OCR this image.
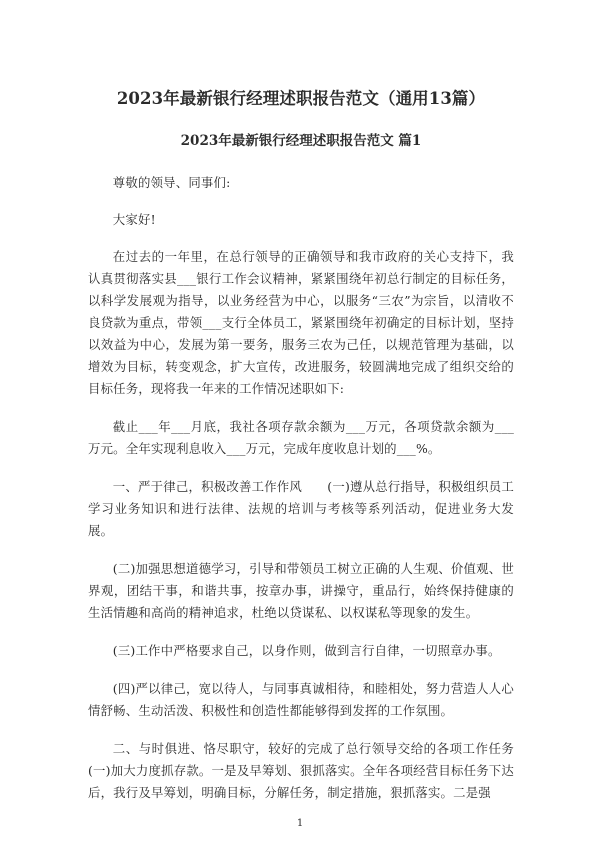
2023年最新银行经理述职报告范文（通用13篇）
2023年最新银行经理述职报告范文 篇1

尊敬的领导、同事们:

大家好!

在过去的一年里，在总行领导的正确领导和我市政府的关心支持下，我认真贯彻落实县___银行工作会议精神，紧紧围绕年初总行制定的目标任务，以科学发展观为指导，以业务经营为中心，以服务“三农”为宗旨，以清收不良贷款为重点，带领___支行全体员工，紧紧围绕年初确定的目标计划，坚持以效益为中心，发展为第一要务，服务三农为己任，以规范管理为基础，以增效为目标，转变观念，扩大宣传，改进服务，较圆满地完成了组织交给的目标任务，现将我一年来的工作情况述职如下:

截止___年___月底，我社各项存款余额为___万元，各项贷款余额为___万元。全年实现利息收入___万元，完成年度收息计划的___%。

一、严于律己，积极改善工作作风　　(一)遵从总行指导，积极组织员工学习业务知识和进行法律、法规的培训与考核等系列活动，促进业务大发展。

(二)加强思想道德学习，引导和带领员工树立正确的人生观、价值观、世界观，团结干事，和谐共事，按章办事，讲操守，重品行，始终保持健康的生活情趣和高尚的精神追求，杜绝以贷谋私、以权谋私等现象的发生。

(三)工作中严格要求自己，以身作则，做到言行自律，一切照章办事。

(四)严以律己，宽以待人，与同事真诚相待，和睦相处，努力营造人人心情舒畅、生动活泼、积极性和创造性都能够得到发挥的工作氛围。

二、与时俱进、恪尽职守，较好的完成了总行领导交给的各项工作任务(一)加大力度抓存款。一是及早筹划、狠抓落实。全年各项经营目标任务下达后，我行及早筹划，明确目标，分解任务，制定措施，狠抓落实。二是强

1
